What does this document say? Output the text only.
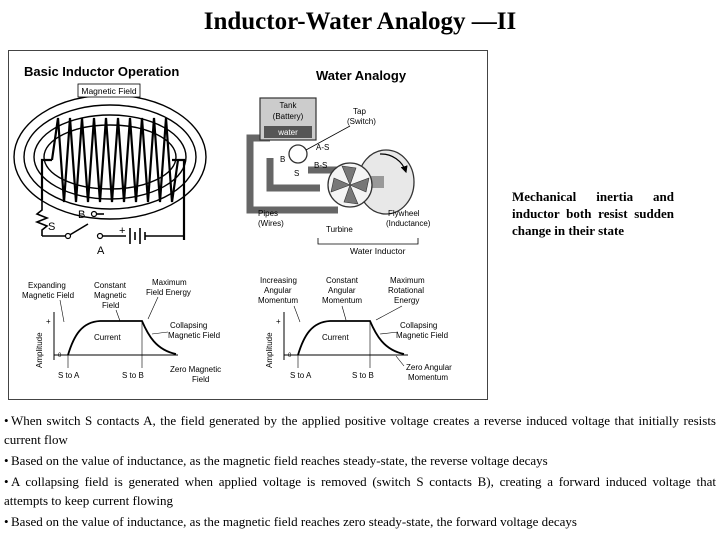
Inductor-Water Analogy —II
Basic Inductor Operation
Magnetic Field
B
S
A
+
Water Analogy
Tank
(Battery)
water
Tap
(Switch)
A-S
B-S
B
S
Pipes
(Wires)
Turbine
Flywheel
(Inductance)
Water Inductor
Expanding
Magnetic Field
Constant
Magnetic
Field
Maximum
Field Energy
Collapsing
Magnetic Field
Current
+
0
Amplitude
S to A	S to B
Zero Magnetic
Field
Increasing
Angular
Momentum
Constant
Angular
Momentum
Maximum
Rotational
Energy
Collapsing
Magnetic Field
Current
+
0
Amplitude
S to A	S to B
Zero Angular
Momentum
Mechanical inertia and inductor both resist sudden change in their state
• When switch S contacts A, the field generated by the applied positive voltage creates a reverse induced voltage that initially resists current flow
• Based on the value of inductance, as the magnetic field reaches steady-state, the reverse voltage decays
• A collapsing field is generated when applied voltage is removed (switch S contacts B), creating a forward induced voltage that attempts to keep current flowing
• Based on the value of inductance, as the magnetic field reaches zero steady-state, the forward voltage decays
